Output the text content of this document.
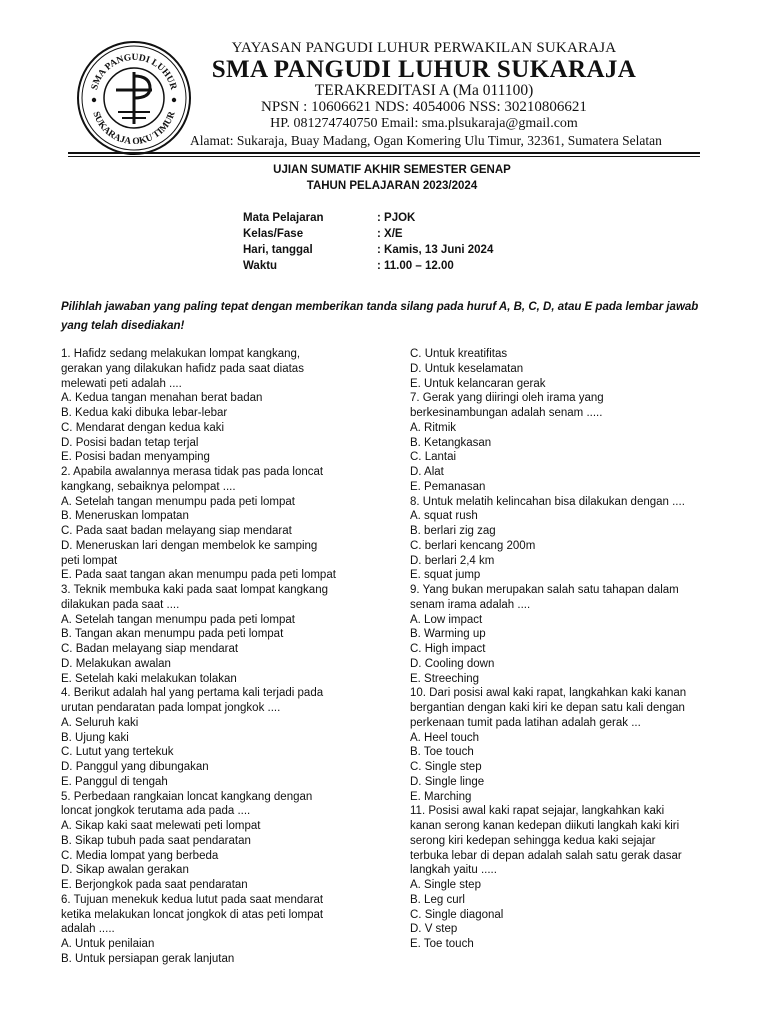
SMA PANGUDI LUHUR
SUKARAJA OKU TIMUR
YAYASAN PANGUDI LUHUR PERWAKILAN SUKARAJA
SMA PANGUDI LUHUR SUKARAJA
TERAKREDITASI A (Ma 011100)
NPSN : 10606621 NDS: 4054006 NSS: 30210806621
HP. 081274740750 Email: sma.plsukaraja@gmail.com
Alamat: Sukaraja, Buay Madang, Ogan Komering Ulu Timur, 32361, Sumatera Selatan
UJIAN SUMATIF AKHIR SEMESTER GENAP
TAHUN PELAJARAN 2023/2024
Mata Pelajaran	: PJOK
Kelas/Fase	: X/E
Hari, tanggal	: Kamis, 13 Juni 2024
Waktu	: 11.00 – 12.00
Pilihlah jawaban yang paling tepat dengan memberikan tanda silang pada huruf A, B, C, D, atau E pada lembar jawab yang telah disediakan!
1. Hafidz sedang melakukan lompat kangkang,
gerakan yang dilakukan hafidz pada saat diatas
melewati peti adalah ....
A. Kedua tangan menahan berat badan
B. Kedua kaki dibuka lebar-lebar
C. Mendarat dengan kedua kaki
D. Posisi badan tetap terjal
E. Posisi badan menyamping
2. Apabila awalannya merasa tidak pas pada loncat
kangkang, sebaiknya pelompat ....
A. Setelah tangan menumpu pada peti lompat
B. Meneruskan lompatan
C. Pada saat badan melayang siap mendarat
D. Meneruskan lari dengan membelok ke samping
peti lompat
E. Pada saat tangan akan menumpu pada peti lompat
3. Teknik membuka kaki pada saat lompat kangkang
dilakukan pada saat ....
A. Setelah tangan menumpu pada peti lompat
B. Tangan akan menumpu pada peti lompat
C. Badan melayang siap mendarat
D. Melakukan awalan
E. Setelah kaki melakukan tolakan
4. Berikut adalah hal yang pertama kali terjadi pada
urutan pendaratan pada lompat jongkok ....
A. Seluruh kaki
B. Ujung kaki
C. Lutut yang tertekuk
D. Panggul yang dibungakan
E. Panggul di tengah
5. Perbedaan rangkaian loncat kangkang dengan
loncat jongkok terutama ada pada ....
A. Sikap kaki saat melewati peti lompat
B. Sikap tubuh pada saat pendaratan
C. Media lompat yang berbeda
D. Sikap awalan gerakan
E. Berjongkok pada saat pendaratan
6. Tujuan menekuk kedua lutut pada saat mendarat
ketika melakukan loncat jongkok di atas peti lompat
adalah .....
A. Untuk penilaian
B. Untuk persiapan gerak lanjutan
C. Untuk kreatifitas
D. Untuk keselamatan
E. Untuk kelancaran gerak
7. Gerak yang diiringi oleh irama yang
berkesinambungan adalah senam .....
A. Ritmik
B. Ketangkasan
C. Lantai
D. Alat
E. Pemanasan
8. Untuk melatih kelincahan bisa dilakukan dengan ....
A. squat rush
B. berlari zig zag
C. berlari kencang 200m
D. berlari 2,4 km
E. squat jump
9. Yang bukan merupakan salah satu tahapan dalam
senam irama adalah ....
A. Low impact
B. Warming up
C. High impact
D. Cooling down
E. Streeching
10. Dari posisi awal kaki rapat, langkahkan kaki kanan
bergantian dengan kaki kiri ke depan satu kali dengan
perkenaan tumit pada latihan adalah gerak ...
A. Heel touch
B. Toe touch
C. Single step
D. Single linge
E. Marching
11. Posisi awal kaki rapat sejajar, langkahkan kaki
kanan serong kanan kedepan diikuti langkah kaki kiri
serong kiri kedepan sehingga kedua kaki sejajar
terbuka lebar di depan adalah salah satu gerak dasar
langkah yaitu .....
A. Single step
B. Leg curl
C. Single diagonal
D. V step
E. Toe touch
